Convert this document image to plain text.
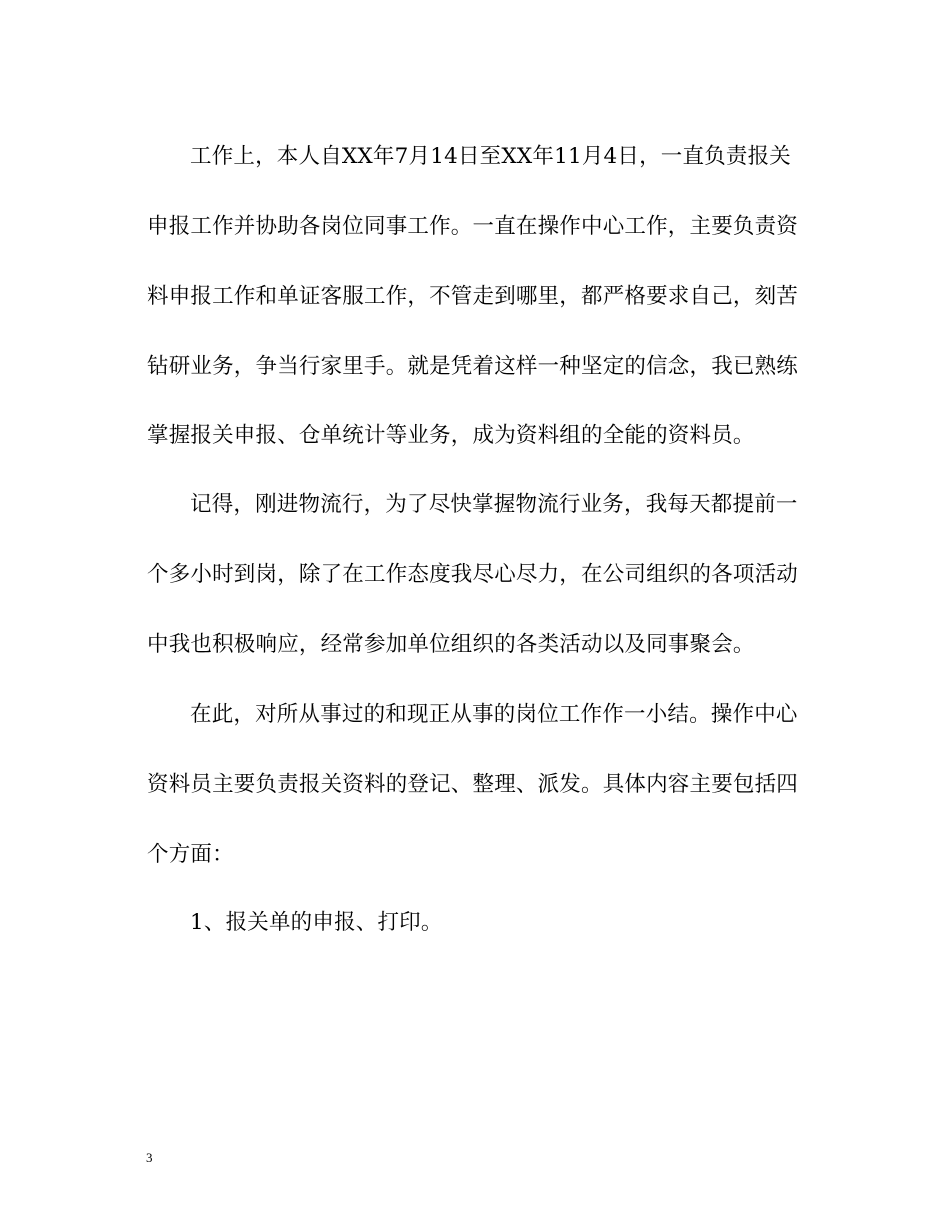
工作上，本人自XX年7月14日至XX年11月4日，一直负责报关
申报工作并协助各岗位同事工作。一直在操作中心工作，主要负责资
料申报工作和单证客服工作，不管走到哪里，都严格要求自己，刻苦
钻研业务，争当行家里手。就是凭着这样一种坚定的信念，我已熟练
掌握报关申报、仓单统计等业务，成为资料组的全能的资料员。
记得，刚进物流行，为了尽快掌握物流行业务，我每天都提前一
个多小时到岗，除了在工作态度我尽心尽力，在公司组织的各项活动
中我也积极响应，经常参加单位组织的各类活动以及同事聚会。
在此，对所从事过的和现正从事的岗位工作作一小结。操作中心
资料员主要负责报关资料的登记、整理、派发。具体内容主要包括四
个方面：
1、报关单的申报、打印。
3
